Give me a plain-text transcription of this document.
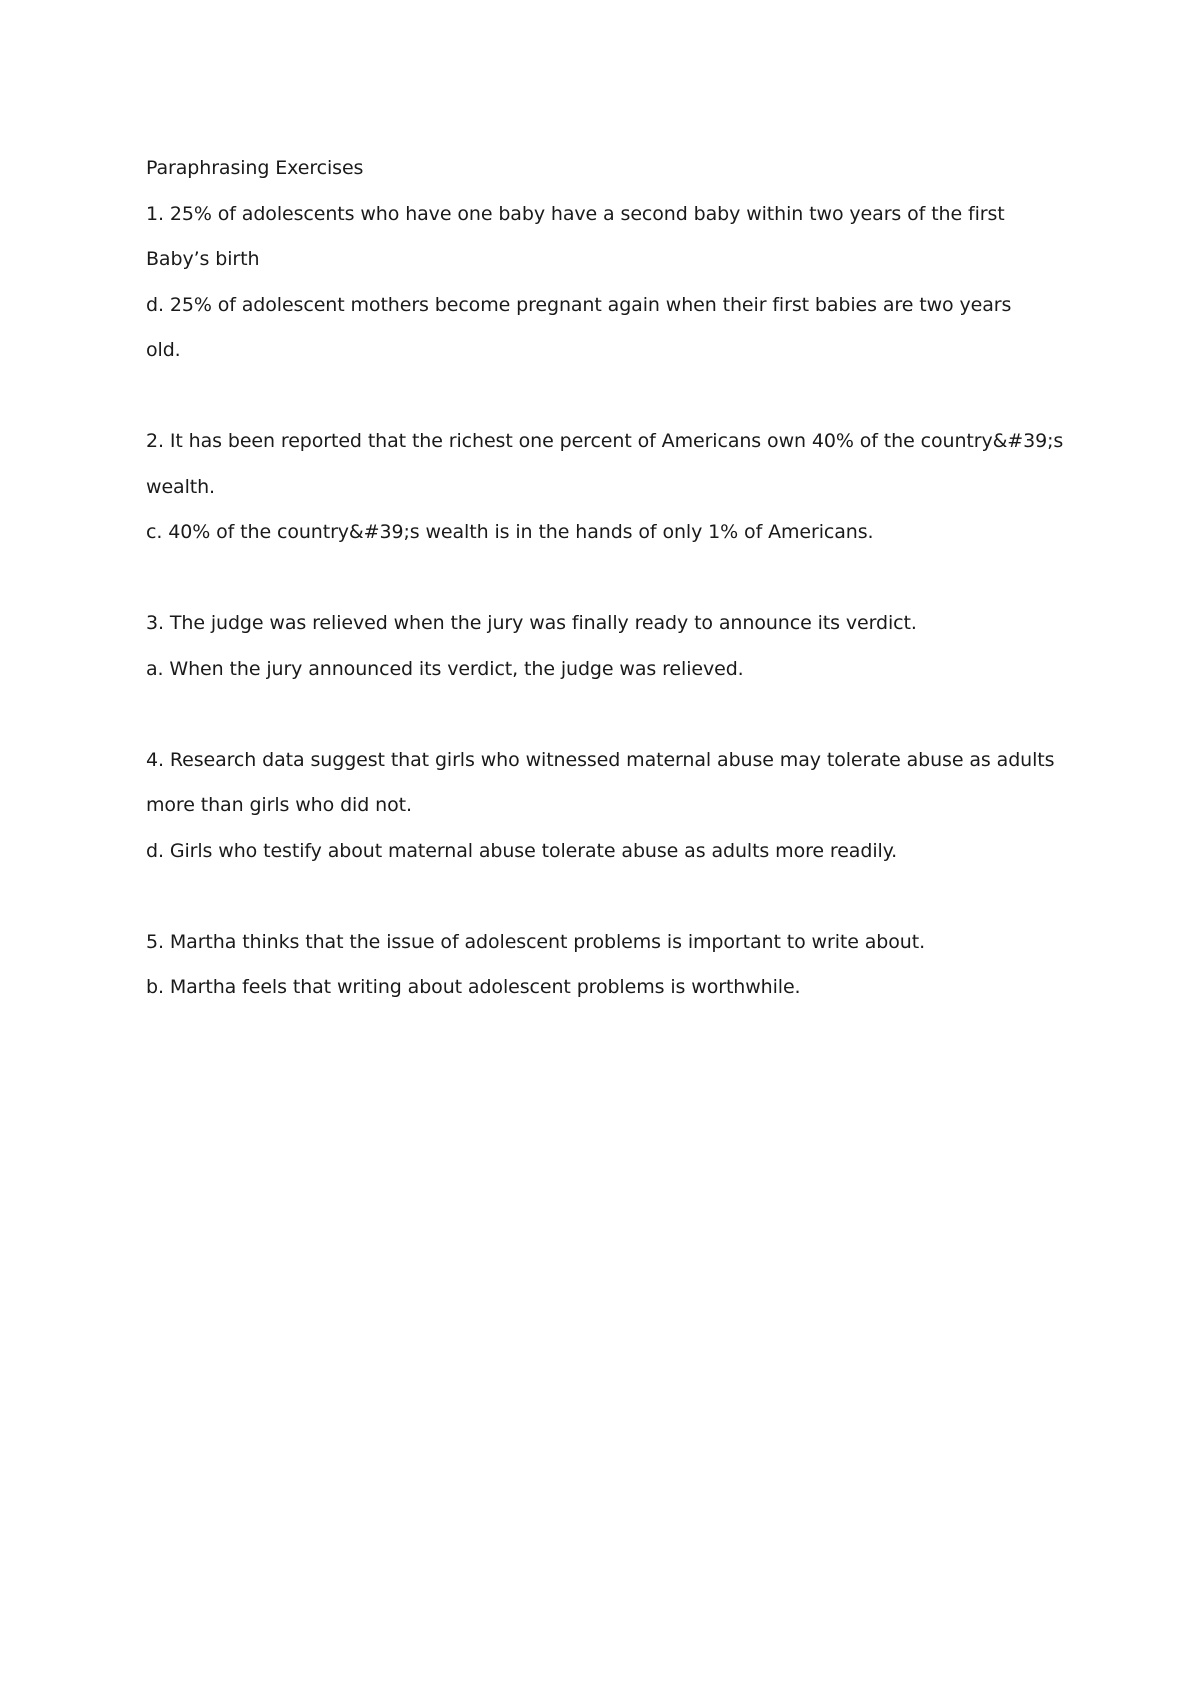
Paraphrasing Exercises
1. 25% of adolescents who have one baby have a second baby within two years of the first
Baby’s birth
d. 25% of adolescent mothers become pregnant again when their first babies are two years
old.
2. It has been reported that the richest one percent of Americans own 40% of the country&#39;s
wealth.
c. 40% of the country&#39;s wealth is in the hands of only 1% of Americans.
3. The judge was relieved when the jury was finally ready to announce its verdict.
a. When the jury announced its verdict, the judge was relieved.
4. Research data suggest that girls who witnessed maternal abuse may tolerate abuse as adults
more than girls who did not.
d. Girls who testify about maternal abuse tolerate abuse as adults more readily.
5. Martha thinks that the issue of adolescent problems is important to write about.
b. Martha feels that writing about adolescent problems is worthwhile.
